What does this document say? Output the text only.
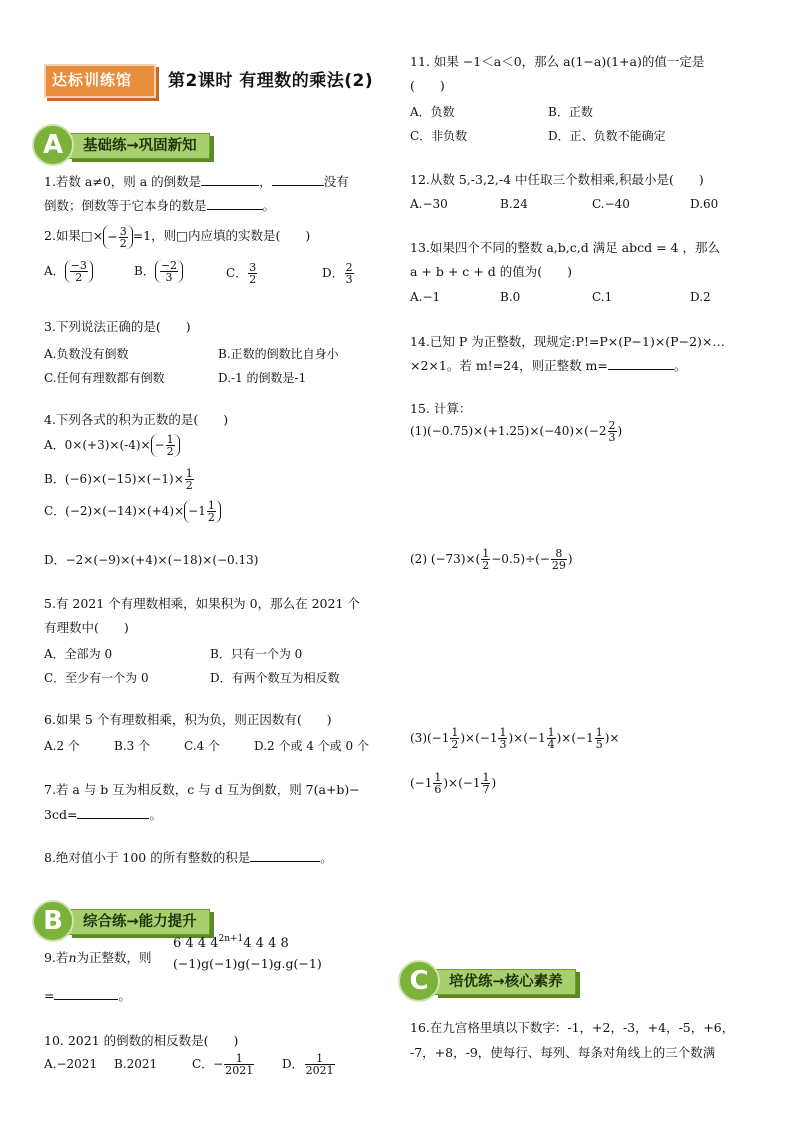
达标训练馆 第2课时 有理数的乘法(2)
基础练→巩固新知
A
1.若数 a≠0，则 a 的倒数是	，	没有
倒数；倒数等于它本身的数是	。
2.如果□× − $\frac{3}{2} =1$，则□内应填的实数是(　　)
A． $\frac{-3}{2}$	B． $\frac{-2}{3}$	C． $\frac{3}{2}$	D． $\frac{2}{3}$
3.下列说法正确的是(　　)
A.负数没有倒数	B.正数的倒数比自身小
C.任何有理数都有倒数	D.-1 的倒数是-1
4.下列各式的积为正数的是(　　)
A．$0\times(+3)\times(-4)\times - \frac{1}{2}$
B．$(-6)\times(-15)\times(-1)\times \frac{1}{2}$
C．$(-2)\times(-14)\times(+4)\times -1 \frac{1}{2}$
D．−2×(−9)×(+4)×(−18)×(−0.13)
5.有 2021 个有理数相乘，如果积为 0，那么在 2021 个
有理数中(　　)
A．全部为 0	B．只有一个为 0
C．至少有一个为 0	D．有两个数互为相反数
6.如果 5 个有理数相乘，积为负，则正因数有(　　)
A.2 个	B.3 个	C.4 个	D.2 个或 4 个或 0 个
7.若 a 与 b 互为相反数，c 与 d 互为倒数，则 7(a+b)−
3cd=	。
8.绝对值小于 100 的所有整数的积是	。
综合练→能力提升
B
9.若n为正整数，则
6 4 4 $4^{2n+1}4$ 4 4 8
(−1)g(−1)g(−1)g.g(−1)
=	。
10. 2021 的倒数的相反数是(　　)
A.−2021 B.2021	C．− $\frac{1}{2021}$ D． $\frac{1}{2021}$
11. 如果 −1＜a＜0，那么 a(1−a)(1+a)的值一定是
(　　)
A．负数	B．正数
C．非负数	D．正、负数不能确定
12.从数 5,-3,2,-4 中任取三个数相乘,积最小是(　　)
A.−30	B.24	C.−40	D.60
13.如果四个不同的整数 a,b,c,d 满足 abcd = 4 ，那么
a + b + c + d 的值为(　　)
A.−1	B.0	C.1	D.2
14.已知 P 为正整数，现规定:P!=P×(P−1)×(P−2)×…
×2×1。若 m!=24，则正整数 m=	。
15. 计算：
$(1)(-0.75)\times(+1.25)\times(-40)\times(-2 \frac{2}{3}$ )
(2) $(-73)\times( \frac{1}{2} -0.5)\div(- \frac{8}{29}$ )
$(3)(-1 \frac{1}{2} )\times(-1 \frac{1}{3} )\times(-1 \frac{1}{4} )\times(-1 \frac{1}{5}$ )×
$(-1 \frac{1}{6} )\times(-1 \frac{1}{7}$ )
培优练→核心素养
C
16.在九宫格里填以下数字：-1，+2，-3，+4，-5，+6，
-7，+8，-9，使每行、每列、每条对角线上的三个数满
